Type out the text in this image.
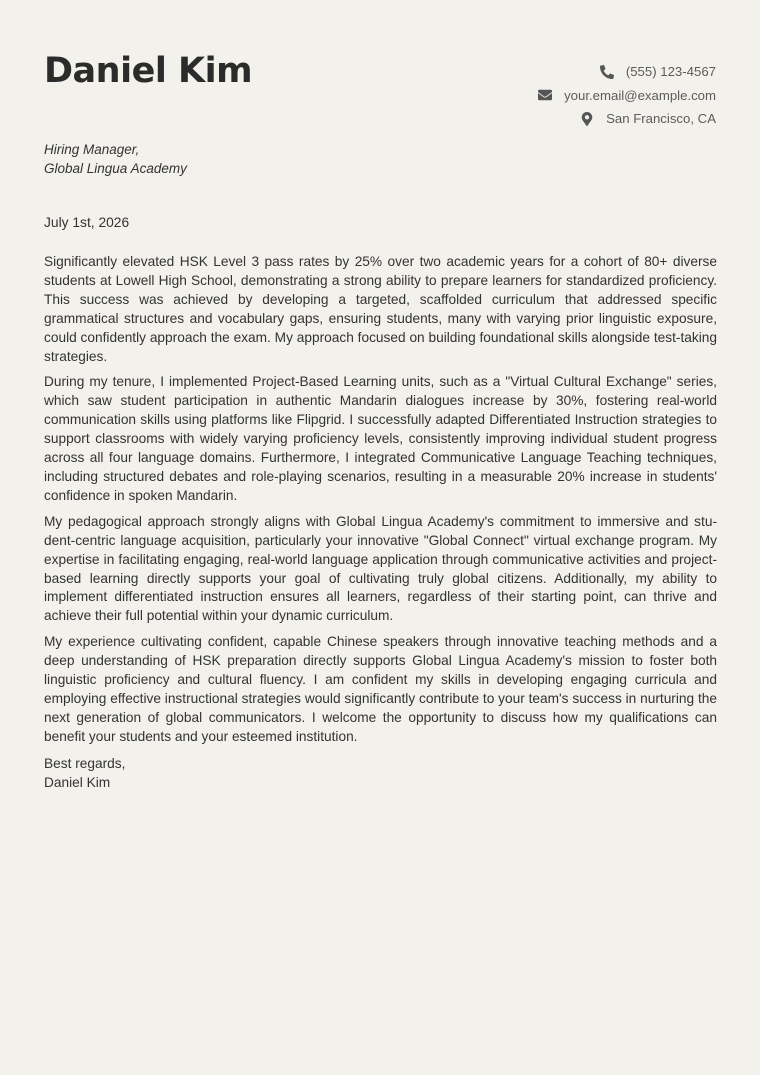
Daniel Kim	(555) 123-4567
your.email@example.com
San Francisco, CA
Hiring Manager,
Global Lingua Academy
July 1st, 2026

Significantly elevated HSK Level 3 pass rates by 25% over two academic years for a cohort of 80+ diverse students at Lowell High School, demonstrating a strong ability to prepare learners for standardized proficiency. This success was achieved by developing a targeted, scaffolded curriculum that addressed specific grammatical structures and vocabulary gaps, ensuring students, many with varying prior linguistic exposure, could confidently approach the exam. My approach focused on building foundational skills alongside test-taking strategies.

During my tenure, I implemented Project-Based Learning units, such as a "Virtual Cultural Exchange" series, which saw student participation in authentic Mandarin dialogues increase by 30%, fostering real-world communication skills using platforms like Flipgrid. I successfully adapted Differentiated Instruction strategies to support classrooms with widely varying proficiency levels, consistently improving individual student progress across all four language domains. Furthermore, I integrated Communicative Language Teaching techniques, including structured debates and role-playing scenarios, resulting in a measurable 20% increase in students' confidence in spoken Mandarin.

My pedagogical approach strongly aligns with Global Lingua Academy's commitment to immersive and student-centric language acquisition, particularly your innovative "Global Connect" virtual exchange program. My expertise in facilitating engaging, real-world language application through communicative activities and project-based learning directly supports your goal of cultivating truly global citizens. Additionally, my ability to implement differentiated instruction ensures all learners, regardless of their starting point, can thrive and achieve their full potential within your dynamic curriculum.

My experience cultivating confident, capable Chinese speakers through innovative teaching methods and a deep understanding of HSK preparation directly supports Global Lingua Academy's mission to foster both linguistic proficiency and cultural fluency. I am confident my skills in developing engaging curricula and employing effective instructional strategies would significantly contribute to your team's success in nurturing the next generation of global communicators. I welcome the opportunity to discuss how my qualifications can benefit your students and your esteemed institution.

Best regards,
Daniel Kim
